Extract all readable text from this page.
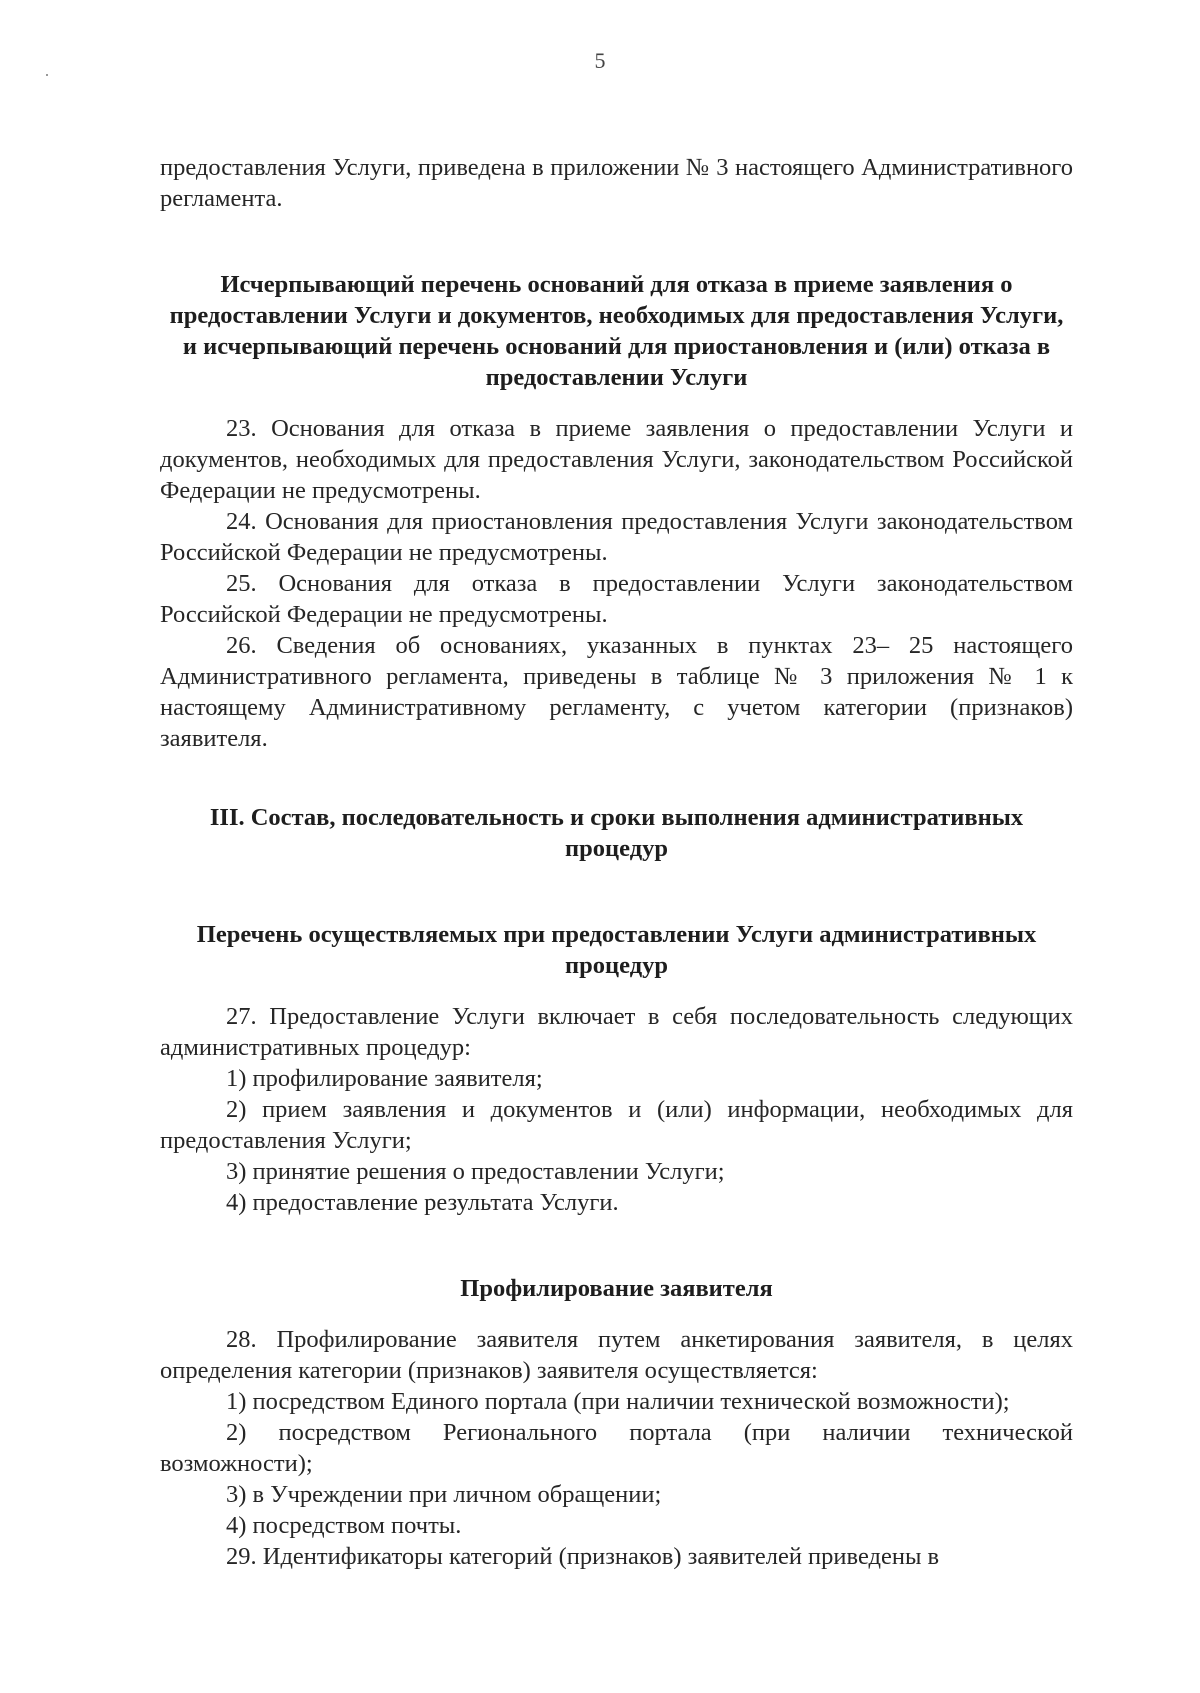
5

предоставления Услуги, приведена в приложении № 3 настоящего Административного регламента.

Исчерпывающий перечень оснований для отказа в приеме заявления о предоставлении Услуги и документов, необходимых для предоставления Услуги, и исчерпывающий перечень оснований для приостановления и (или) отказа в предоставлении Услуги

23. Основания для отказа в приеме заявления о предоставлении Услуги и документов, необходимых для предоставления Услуги, законодательством Российской Федерации не предусмотрены.

24. Основания для приостановления предоставления Услуги законодательством Российской Федерации не предусмотрены.

25. Основания для отказа в предоставлении Услуги законодательством Российской Федерации не предусмотрены.

26. Сведения об основаниях, указанных в пунктах 23– 25 настоящего Административного регламента, приведены в таблице № 3 приложения № 1 к настоящему Административному регламенту, с учетом категории (признаков) заявителя.

III. Состав, последовательность и сроки выполнения административных процедур
Перечень осуществляемых при предоставлении Услуги административных процедур

27. Предоставление Услуги включает в себя последовательность следующих административных процедур:

1) профилирование заявителя;

2) прием заявления и документов и (или) информации, необходимых для предоставления Услуги;

3) принятие решения о предоставлении Услуги;

4) предоставление результата Услуги.

Профилирование заявителя

28. Профилирование заявителя путем анкетирования заявителя, в целях определения категории (признаков) заявителя осуществляется:

1) посредством Единого портала (при наличии технической возможности);

2) посредством Регионального портала (при наличии технической возможности);

3) в Учреждении при личном обращении;

4) посредством почты.

29. Идентификаторы категорий (признаков) заявителей приведены в
